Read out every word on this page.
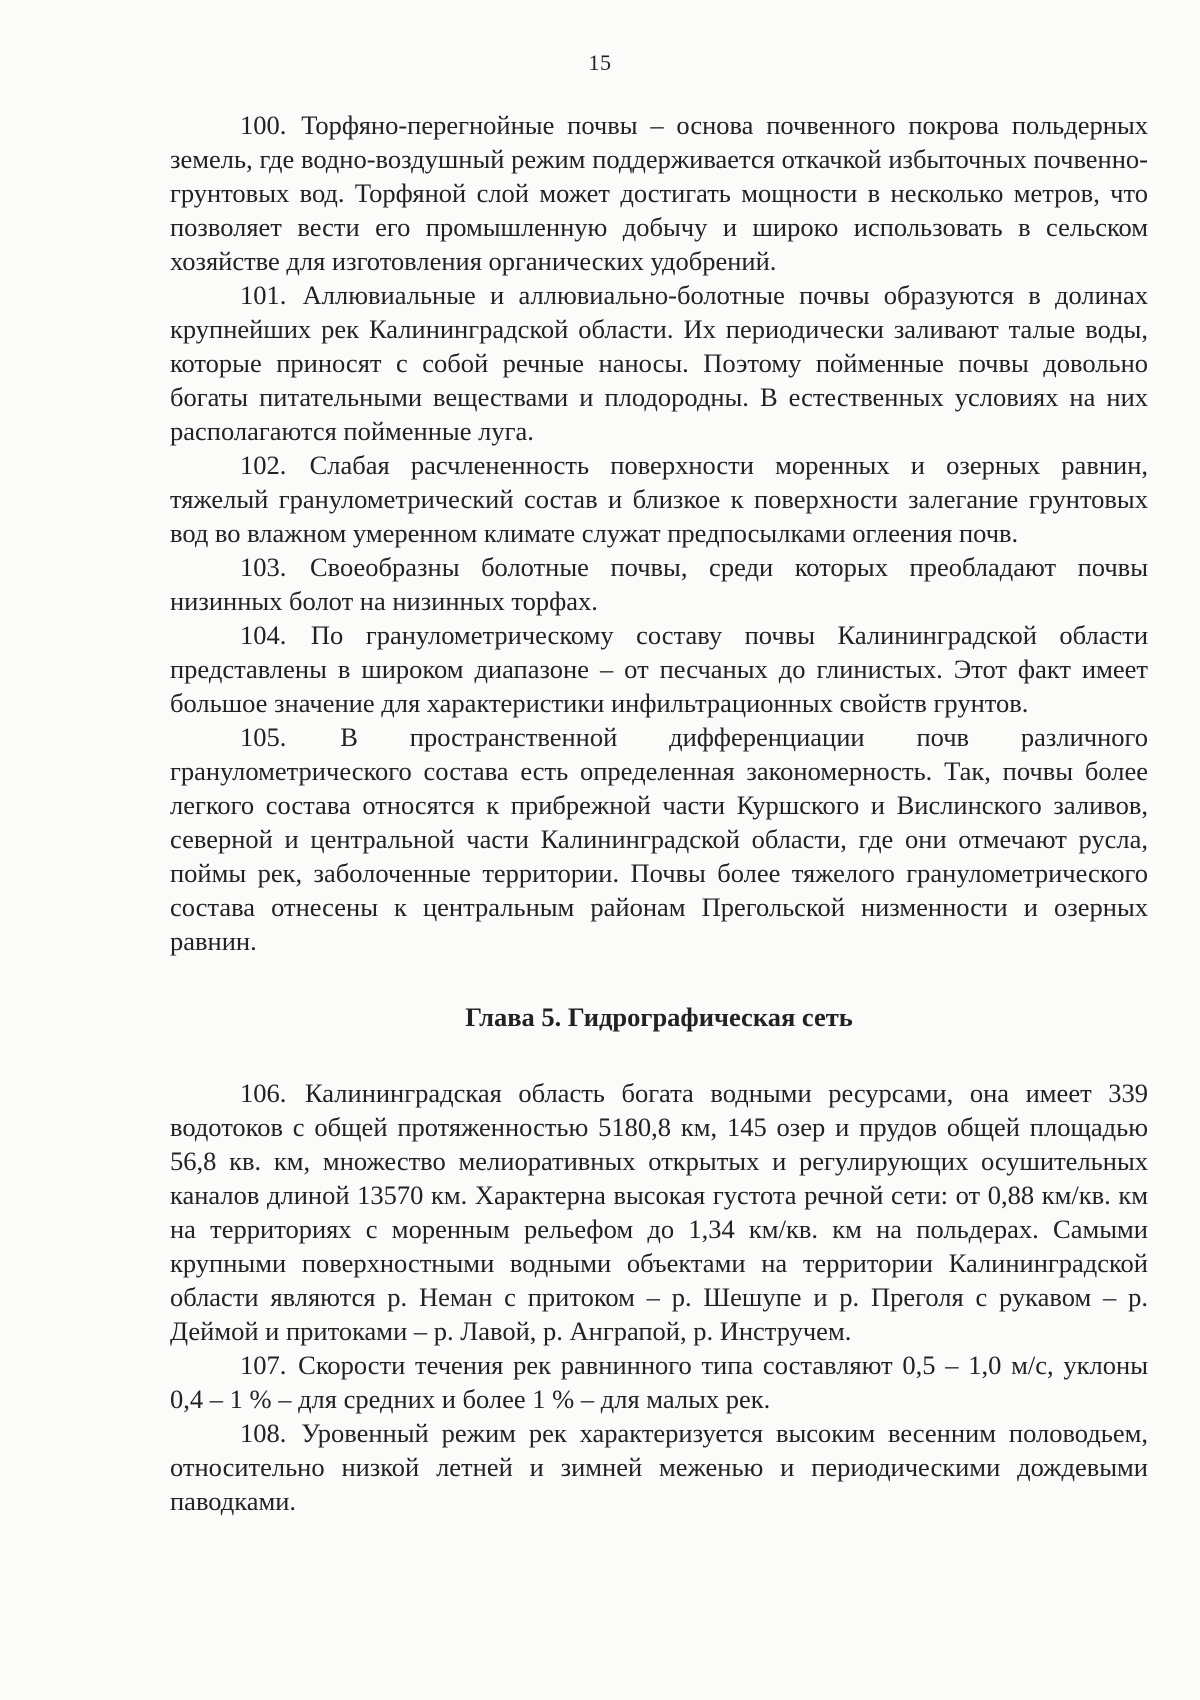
15

100. Торфяно-перегнойные почвы – основа почвенного покрова польдерных земель, где водно-воздушный режим поддерживается откачкой избыточных почвенно-грунтовых вод. Торфяной слой может достигать мощности в несколько метров, что позволяет вести его промышленную добычу и широко использовать в сельском хозяйстве для изготовления органических удобрений.

101. Аллювиальные и аллювиально-болотные почвы образуются в долинах крупнейших рек Калининградской области. Их периодически заливают талые воды, которые приносят с собой речные наносы. Поэтому пойменные почвы довольно богаты питательными веществами и плодородны. В естественных условиях на них располагаются пойменные луга.

102. Слабая расчлененность поверхности моренных и озерных равнин, тяжелый гранулометрический состав и близкое к поверхности залегание грунтовых вод во влажном умеренном климате служат предпосылками оглеения почв.

103. Своеобразны болотные почвы, среди которых преобладают почвы низинных болот на низинных торфах.

104. По гранулометрическому составу почвы Калининградской области представлены в широком диапазоне – от песчаных до глинистых. Этот факт имеет большое значение для характеристики инфильтрационных свойств грунтов.

105. В пространственной дифференциации почв различного гранулометрического состава есть определенная закономерность. Так, почвы более легкого состава относятся к прибрежной части Куршского и Вислинского заливов, северной и центральной части Калининградской области, где они отмечают русла, поймы рек, заболоченные территории. Почвы более тяжелого гранулометрического состава отнесены к центральным районам Прегольской низменности и озерных равнин.

Глава 5. Гидрографическая сеть

106. Калининградская область богата водными ресурсами, она имеет 339 водотоков с общей протяженностью 5180,8 км, 145 озер и прудов общей площадью 56,8 кв. км, множество мелиоративных открытых и регулирующих осушительных каналов длиной 13570 км. Характерна высокая густота речной сети: от 0,88 км/кв. км на территориях с моренным рельефом до 1,34 км/кв. км на польдерах. Самыми крупными поверхностными водными объектами на территории Калининградской области являются р. Неман с притоком – р. Шешупе и р. Преголя с рукавом – р. Деймой и притоками – р. Лавой, р. Анграпой, р. Инстручем.

107. Скорости течения рек равнинного типа составляют 0,5 – 1,0 м/с, уклоны 0,4 – 1 % – для средних и более 1 % – для малых рек.

108. Уровенный режим рек характеризуется высоким весенним половодьем, относительно низкой летней и зимней меженью и периодическими дождевыми паводками.
